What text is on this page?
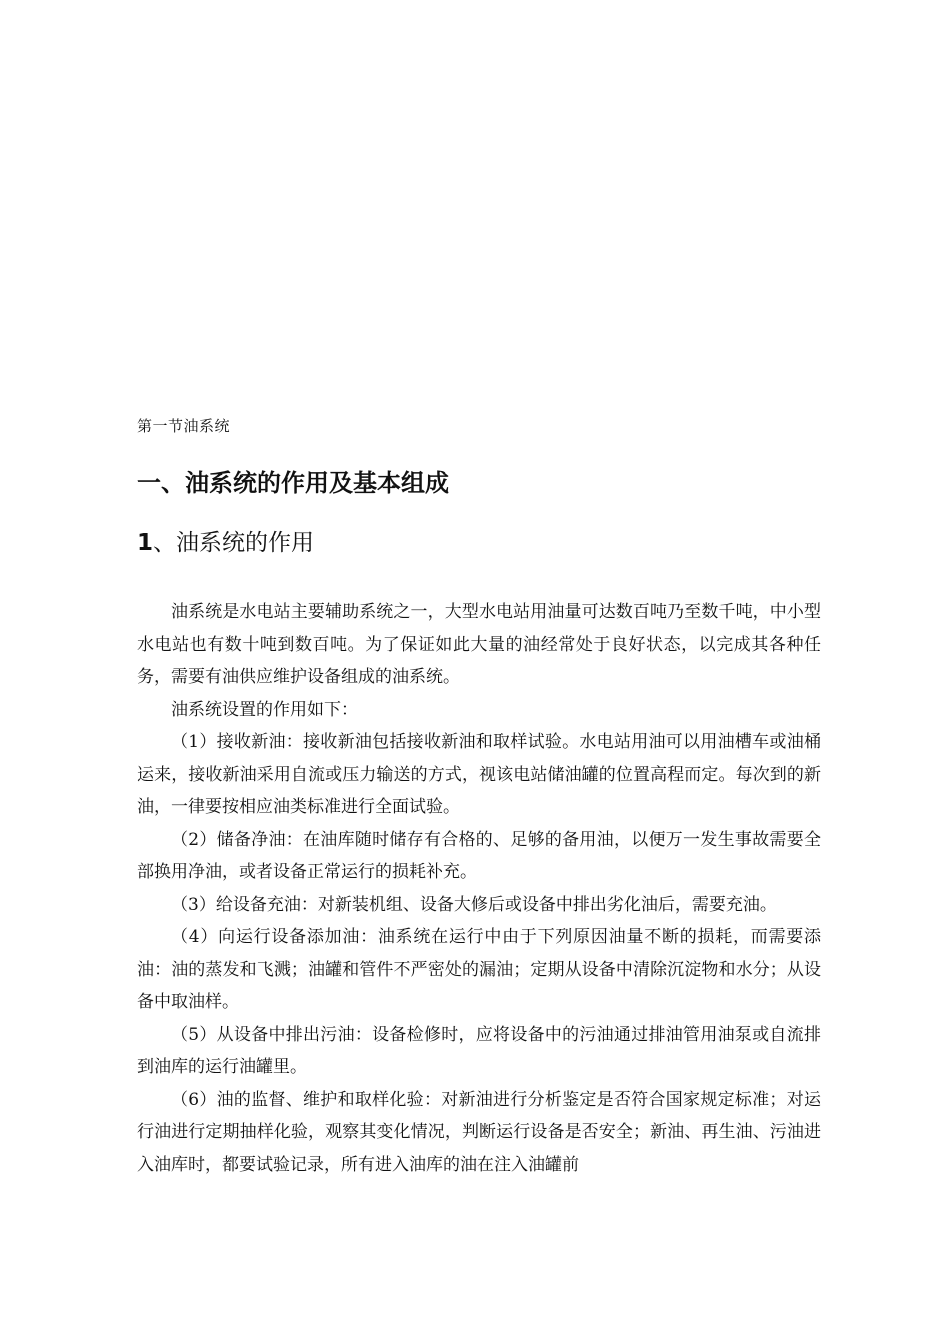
第一节油系统

一、油系统的作用及基本组成
1、油系统的作用

油系统是水电站主要辅助系统之一，大型水电站用油量可达数百吨乃至数千吨，中小型水电站也有数十吨到数百吨。为了保证如此大量的油经常处于良好状态，以完成其各种任务，需要有油供应维护设备组成的油系统。

油系统设置的作用如下：

（1）接收新油：接收新油包括接收新油和取样试验。水电站用油可以用油槽车或油桶运来，接收新油采用自流或压力输送的方式，视该电站储油罐的位置高程而定。每次到的新油，一律要按相应油类标准进行全面试验。

（2）储备净油：在油库随时储存有合格的、足够的备用油，以便万一发生事故需要全部换用净油，或者设备正常运行的损耗补充。

（3）给设备充油：对新装机组、设备大修后或设备中排出劣化油后，需要充油。

（4）向运行设备添加油：油系统在运行中由于下列原因油量不断的损耗，而需要添油：油的蒸发和飞溅；油罐和管件不严密处的漏油；定期从设备中清除沉淀物和水分；从设备中取油样。

（5）从设备中排出污油：设备检修时，应将设备中的污油通过排油管用油泵或自流排到油库的运行油罐里。

（6）油的监督、维护和取样化验：对新油进行分析鉴定是否符合国家规定标准；对运行油进行定期抽样化验，观察其变化情况，判断运行设备是否安全；新油、再生油、污油进入油库时，都要试验记录，所有进入油库的油在注入油罐前
